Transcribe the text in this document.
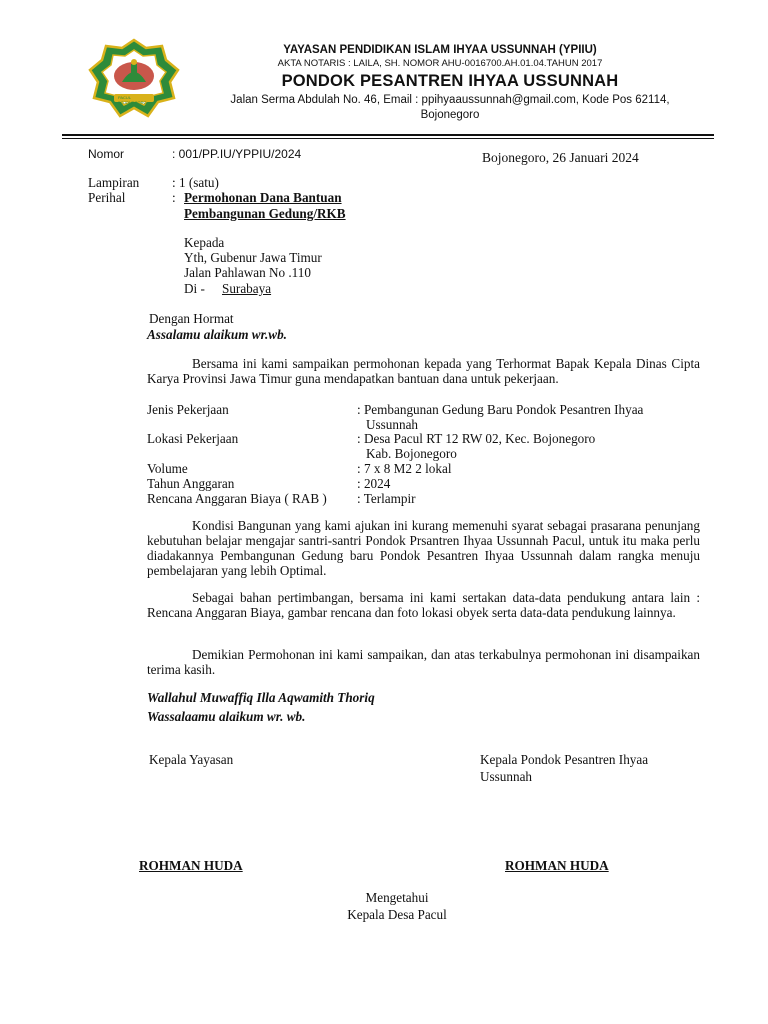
PACUL BOJONEGORO
YAYASAN PENDIDIKAN ISLAM IHYAA USSUNNAH (YPIIU)
AKTA NOTARIS : LAILA, SH. NOMOR AHU-0016700.AH.01.04.TAHUN 2017
PONDOK PESANTREN IHYAA USSUNNAH
Jalan Serma Abdulah No. 46, Email : ppihyaaussunnah@gmail.com, Kode Pos 62114,
Bojonegoro
Nomor	: 001/PP.IU/YPPIU/2024	Bojonegoro, 26 Januari 2024
Lampiran : 1 (satu)
Perihal	: Permohonan Dana Bantuan
Pembangunan Gedung/RKB
Kepada
Yth, Gubenur Jawa Timur
Jalan Pahlawan No .110
Di - Surabaya
Dengan Hormat
Assalamu alaikum wr.wb.
Bersama ini kami sampaikan permohonan kepada yang Terhormat Bapak Kepala Dinas Cipta Karya Provinsi Jawa Timur guna mendapatkan bantuan dana untuk pekerjaan.
Jenis Pekerjaan	: Pembangunan Gedung Baru Pondok Pesantren Ihyaa
Ussunnah
Lokasi Pekerjaan	: Desa Pacul RT 12 RW 02, Kec. Bojonegoro
Kab. Bojonegoro
Volume	: 7 x 8 M2 2 lokal
Tahun Anggaran	: 2024
Rencana Anggaran Biaya ( RAB ) : Terlampir
Kondisi Bangunan yang kami ajukan ini kurang memenuhi syarat sebagai prasarana penunjang kebutuhan belajar mengajar santri-santri Pondok Prsantren Ihyaa Ussunnah Pacul, untuk itu maka perlu diadakannya Pembangunan Gedung baru Pondok Pesantren Ihyaa Ussunnah dalam rangka menuju pembelajaran yang lebih Optimal.
Sebagai bahan pertimbangan, bersama ini kami sertakan data-data pendukung antara lain : Rencana Anggaran Biaya, gambar rencana dan foto lokasi obyek serta data-data pendukung lainnya.
Demikian Permohonan ini kami sampaikan, dan atas terkabulnya permohonan ini disampaikan terima kasih.
Wallahul Muwaffiq Illa Aqwamith Thoriq
Wassalaamu alaikum wr. wb.
Kepala Yayasan	Kepala Pondok Pesantren Ihyaa
Ussunnah
ROHMAN HUDA	ROHMAN HUDA
Mengetahui
Kepala Desa Pacul
